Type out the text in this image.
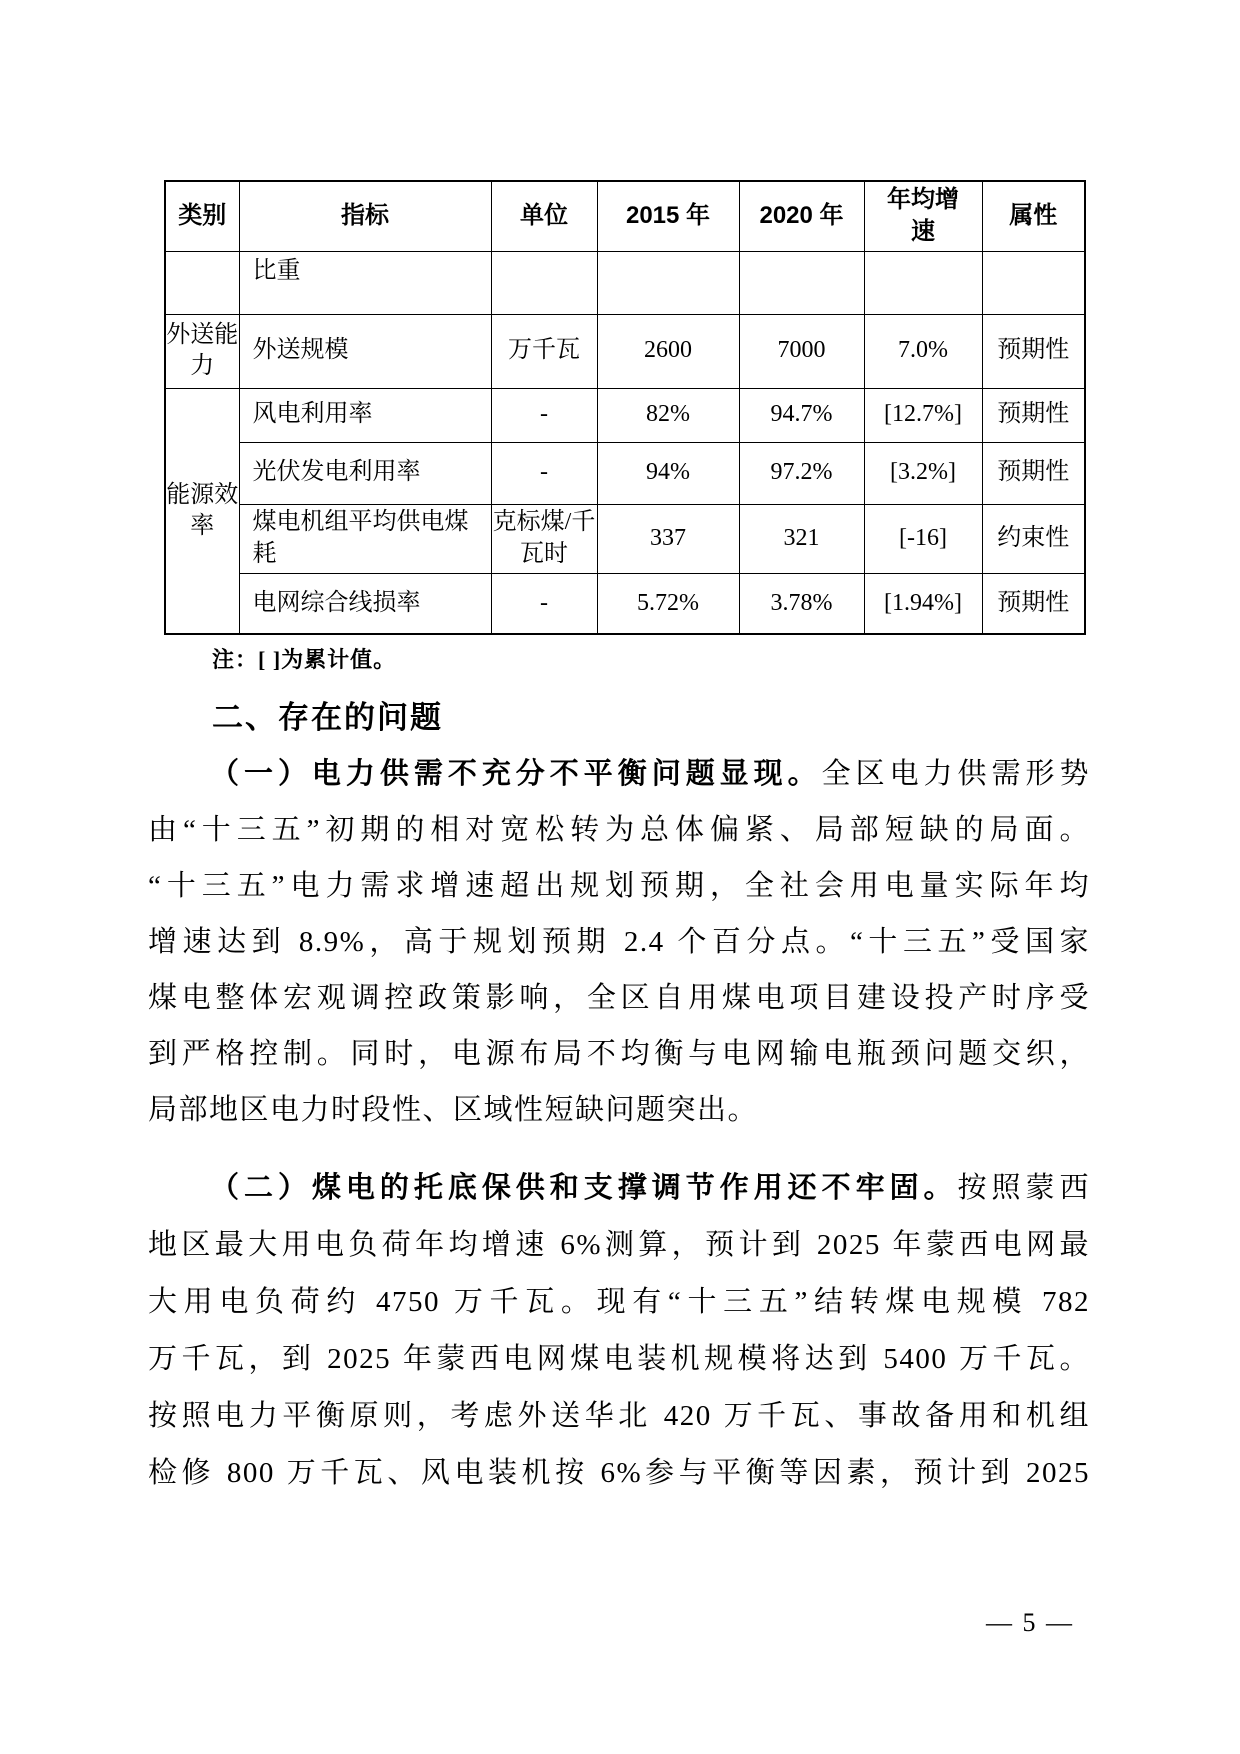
类别	指标	单位	2015 年	2020 年	年均增速	属性
	比重					
外送能力	外送规模	万千瓦	2600	7000	7.0%	预期性
能源效率	风电利用率	-	82%	94.7%	[12.7%]	预期性
	光伏发电利用率	-	94%	97.2%	[3.2%]	预期性
	煤电机组平均供电煤耗	克标煤/千瓦时	337	321	[-16]	约束性
	电网综合线损率	-	5.72%	3.78%	[1.94%]	预期性
注：[ ]为累计值。
二、存在的问题
（一）电力供需不充分不平衡问题显现。全区电力供需形势
由“十三五”初期的相对宽松转为总体偏紧、局部短缺的局面。
“十三五”电力需求增速超出规划预期，全社会用电量实际年均
增速达到 8.9%，高于规划预期 2.4 个百分点。“十三五”受国家
煤电整体宏观调控政策影响，全区自用煤电项目建设投产时序受
到严格控制。同时，电源布局不均衡与电网输电瓶颈问题交织，
局部地区电力时段性、区域性短缺问题突出。
（二）煤电的托底保供和支撑调节作用还不牢固。按照蒙西
地区最大用电负荷年均增速 6%测算，预计到 2025 年蒙西电网最
大用电负荷约 4750 万千瓦。现有“十三五”结转煤电规模 782
万千瓦，到 2025 年蒙西电网煤电装机规模将达到 5400 万千瓦。
按照电力平衡原则，考虑外送华北 420 万千瓦、事故备用和机组
检修 800 万千瓦、风电装机按 6%参与平衡等因素，预计到 2025
— 5 —
